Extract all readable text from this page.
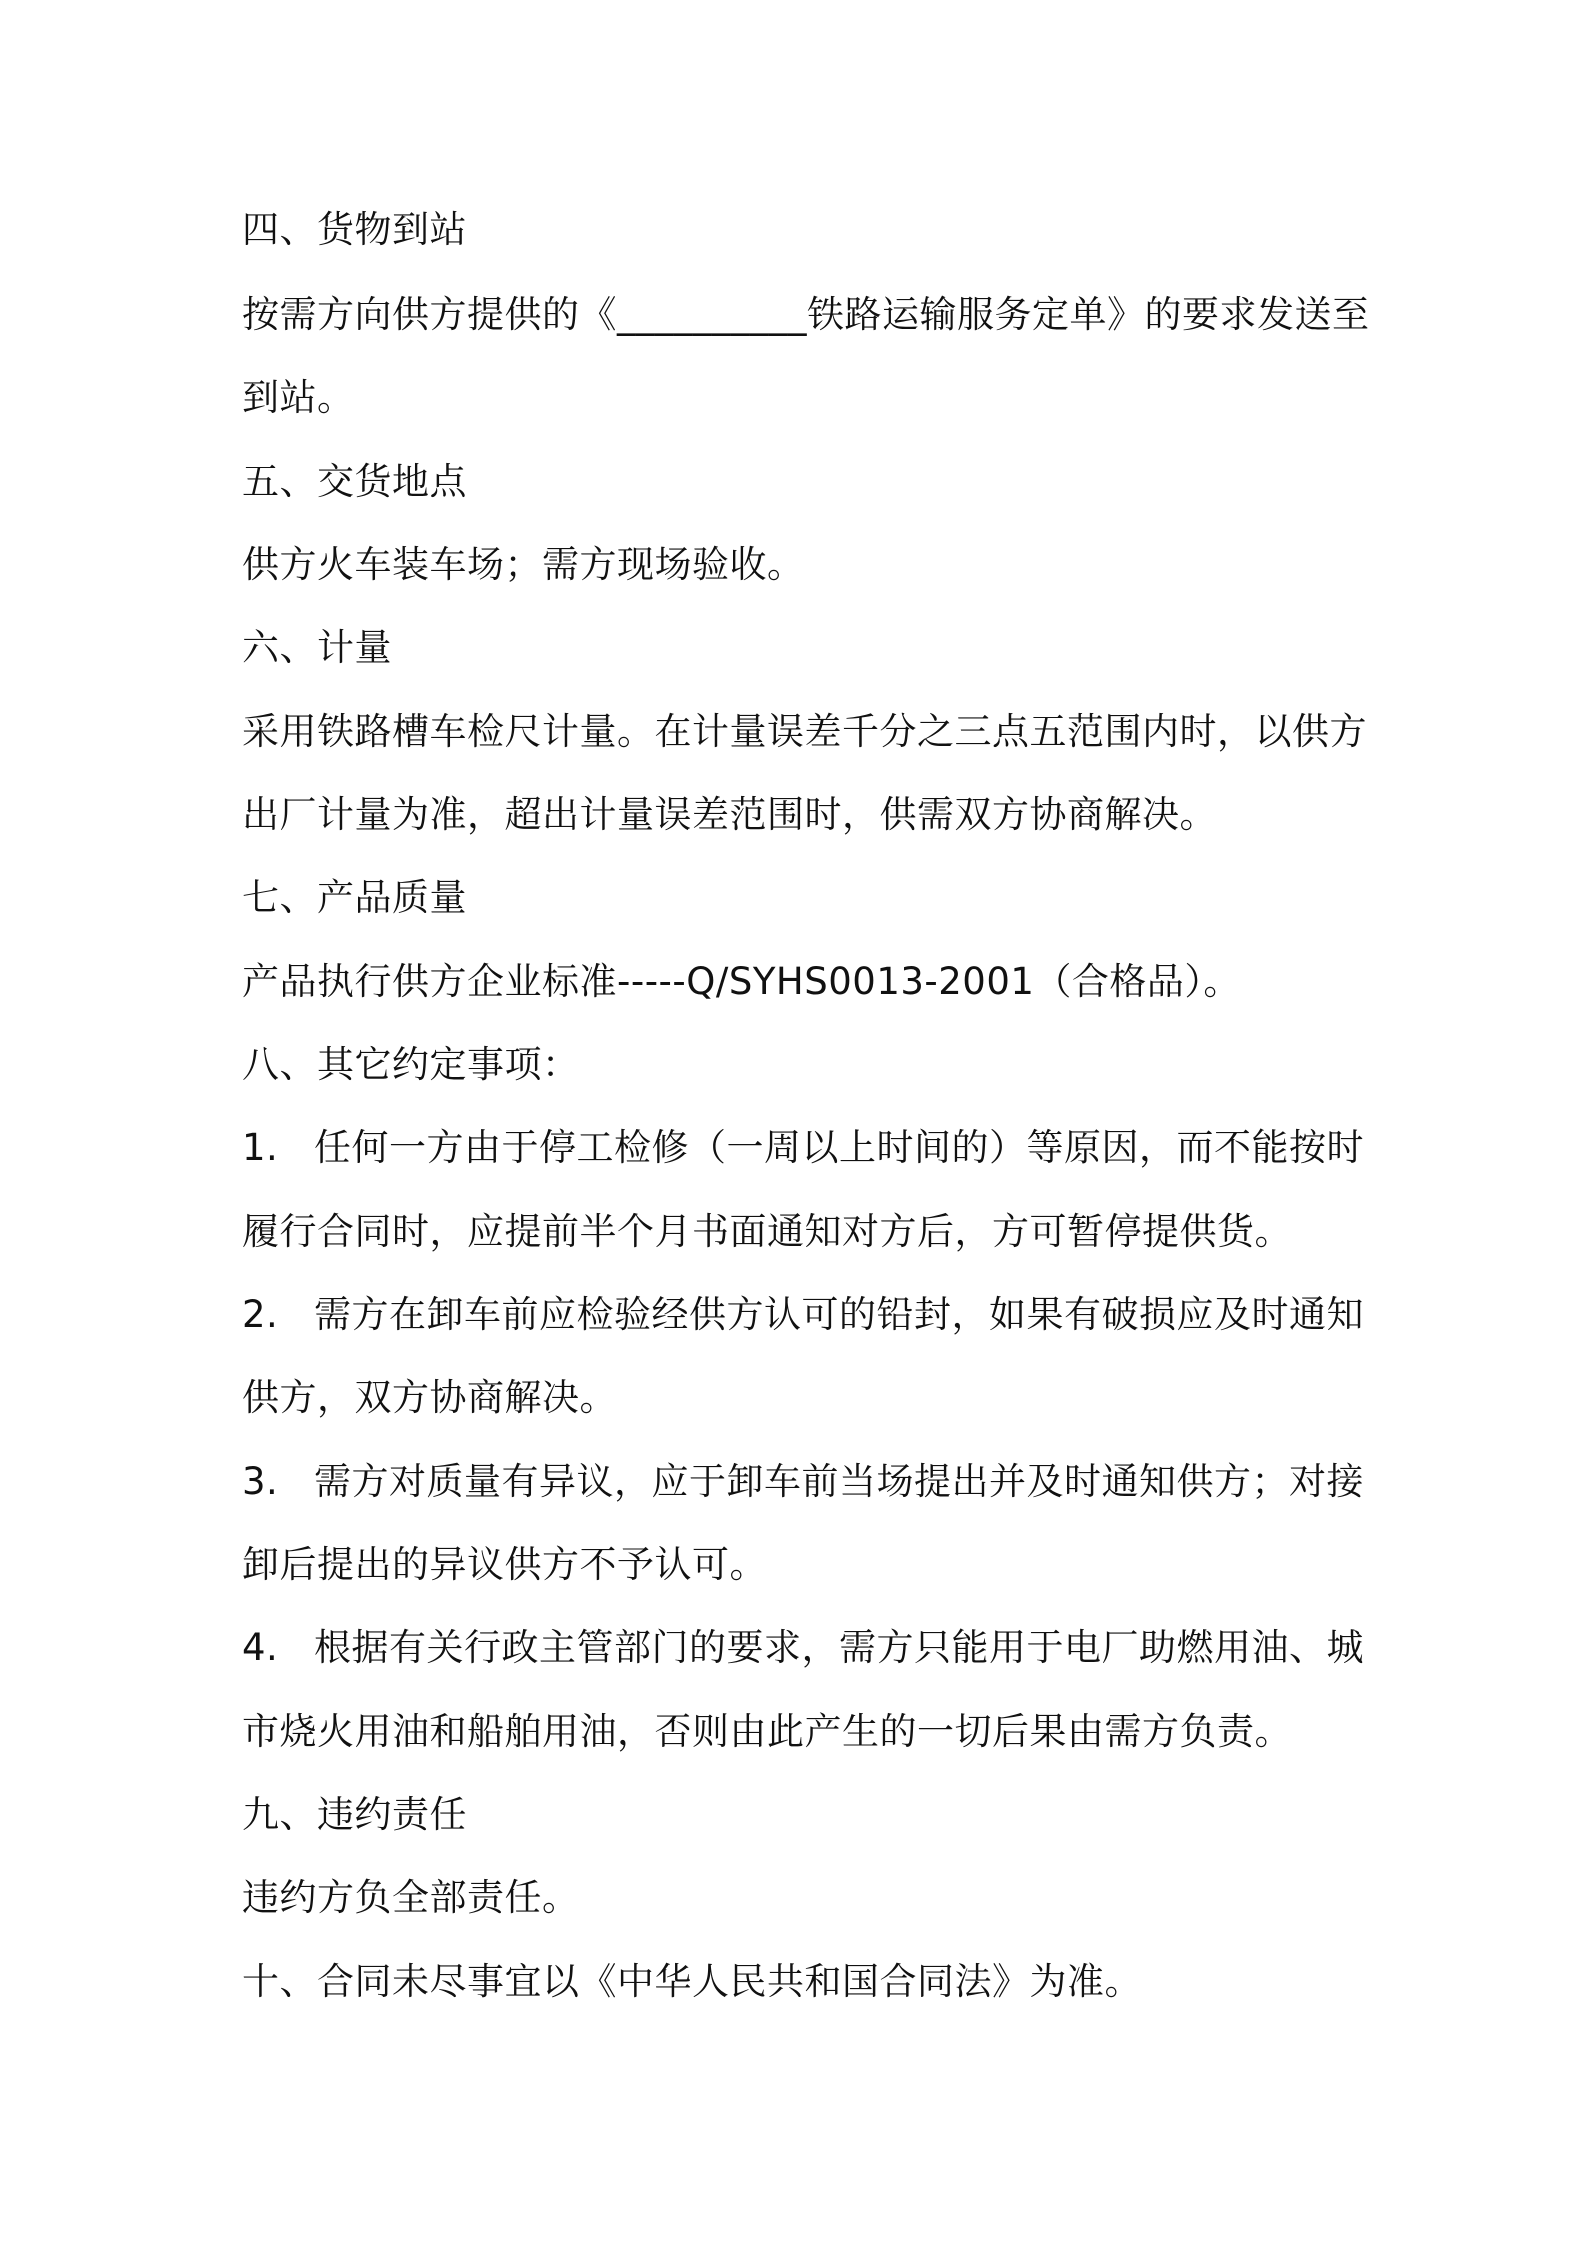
四、货物到站
按需方向供方提供的《__________铁路运输服务定单》的要求发送至
到站。
五、交货地点
供方火车装车场；需方现场验收。
六、计量
采用铁路槽车检尺计量。在计量误差千分之三点五范围内时，以供方
出厂计量为准，超出计量误差范围时，供需双方协商解决。
七、产品质量
产品执行供方企业标准-----Q/SYHS0013-2001（合格品）。
八、其它约定事项：
1. 任何一方由于停工检修（一周以上时间的）等原因，而不能按时
履行合同时，应提前半个月书面通知对方后，方可暂停提供货。
2. 需方在卸车前应检验经供方认可的铅封，如果有破损应及时通知
供方，双方协商解决。
3. 需方对质量有异议，应于卸车前当场提出并及时通知供方；对接
卸后提出的异议供方不予认可。
4. 根据有关行政主管部门的要求，需方只能用于电厂助燃用油、城
市烧火用油和船舶用油，否则由此产生的一切后果由需方负责。
九、违约责任
违约方负全部责任。
十、合同未尽事宜以《中华人民共和国合同法》为准。
